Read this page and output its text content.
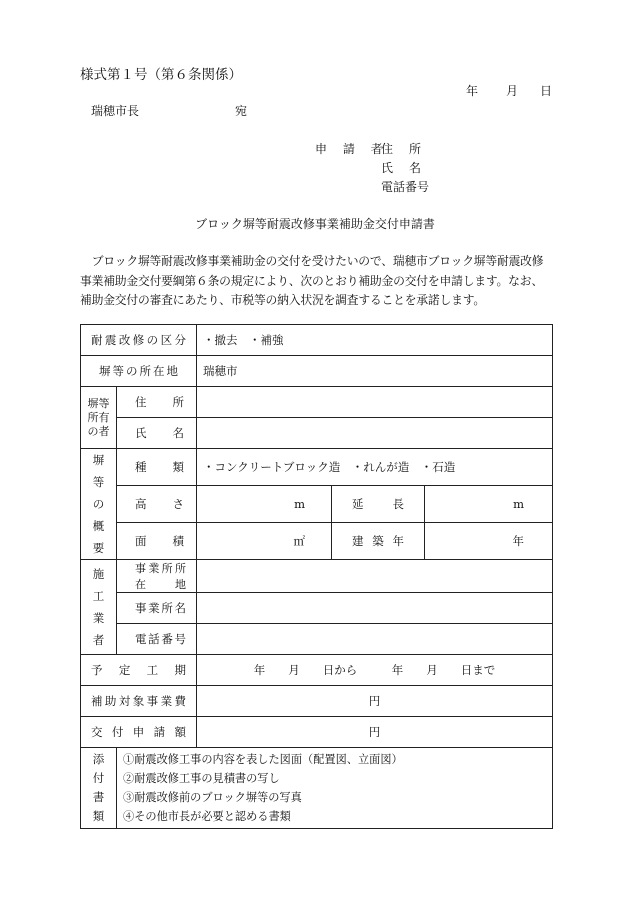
様式第１号（第６条関係）
年 月 日
瑞穂市長	宛
申 請 者
住　所
氏　名
電話番号
ブロック塀等耐震改修事業補助金交付申請書
ブロック塀等耐震改修事業補助金の交付を受けたいので、瑞穂市ブロック塀等耐震改修事業補助金交付要綱第６条の規定により、次のとおり補助金の交付を申請します。なお、補助金交付の審査にあたり、市税等の納入状況を調査することを承諾します。
耐震改修の区分		・撤去　・補強		
塀等の所在地		瑞穂市		
塀等所有の者	住　所			
	氏　名			

塀等の概要	種　類	・コンクリートブロック造　・れんが造　・石造		
	高　さ	m	延　長	m
	面　積	㎡	建築年	年

施工業者	事業所所在地			
	事業所名			
	電話番号			
予定工期		年　　月　　日から　　　年　　月　　日まで		
補助対象事業費		円		
交付申請額		円		

添付書類	①耐震改修工事の内容を表した図面（配置図、立面図）
②耐震改修工事の見積書の写し
③耐震改修前のブロック塀等の写真
④その他市長が必要と認める書類			
